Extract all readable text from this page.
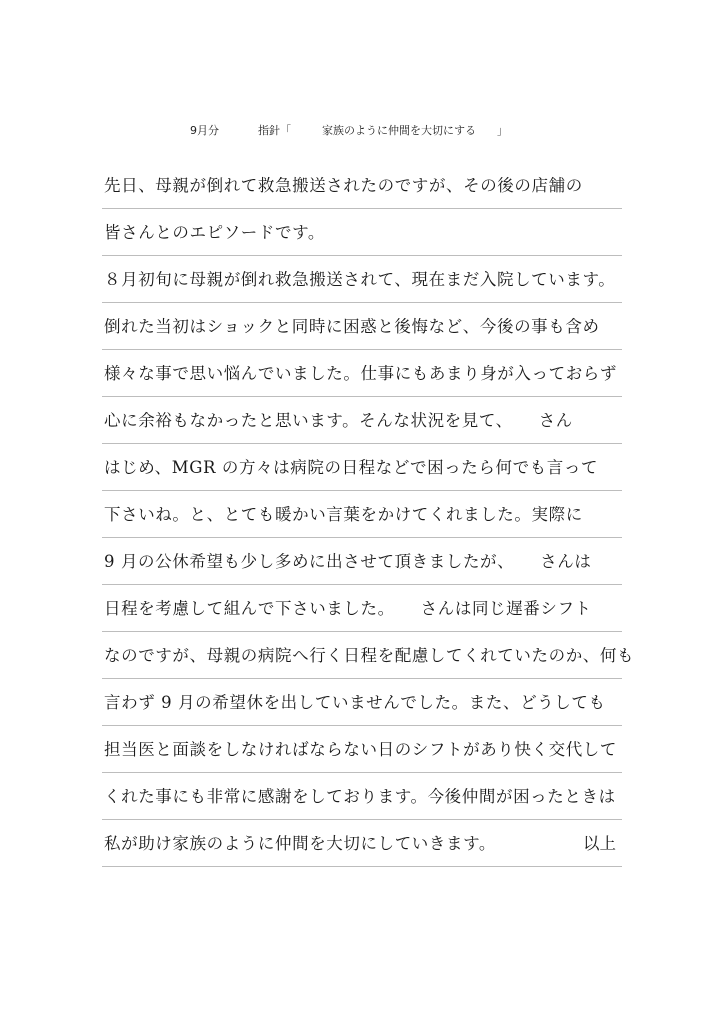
9月分	指針「	家族のように仲間を大切にする 」
先日、母親が倒れて救急搬送されたのですが、その後の店舗の
皆さんとのエピソードです。
８月初旬に母親が倒れ救急搬送されて、現在まだ入院しています。
倒れた当初はショックと同時に困惑と後悔など、今後の事も含め
様々な事で思い悩んでいました。仕事にもあまり身が入っておらず
心に余裕もなかったと思います。そんな状況を見て、　　さん
はじめ、MGR の方々は病院の日程などで困ったら何でも言って
下さいね。と、とても暖かい言葉をかけてくれました。実際に
9 月の公休希望も少し多めに出させて頂きましたが、　　さんは
日程を考慮して組んで下さいました。　　さんは同じ遅番シフト
なのですが、母親の病院へ行く日程を配慮してくれていたのか、何も
言わず 9 月の希望休を出していませんでした。また、どうしても
担当医と面談をしなければならない日のシフトがあり快く交代して
くれた事にも非常に感謝をしております。今後仲間が困ったときは
私が助け家族のように仲間を大切にしていきます。	以上
